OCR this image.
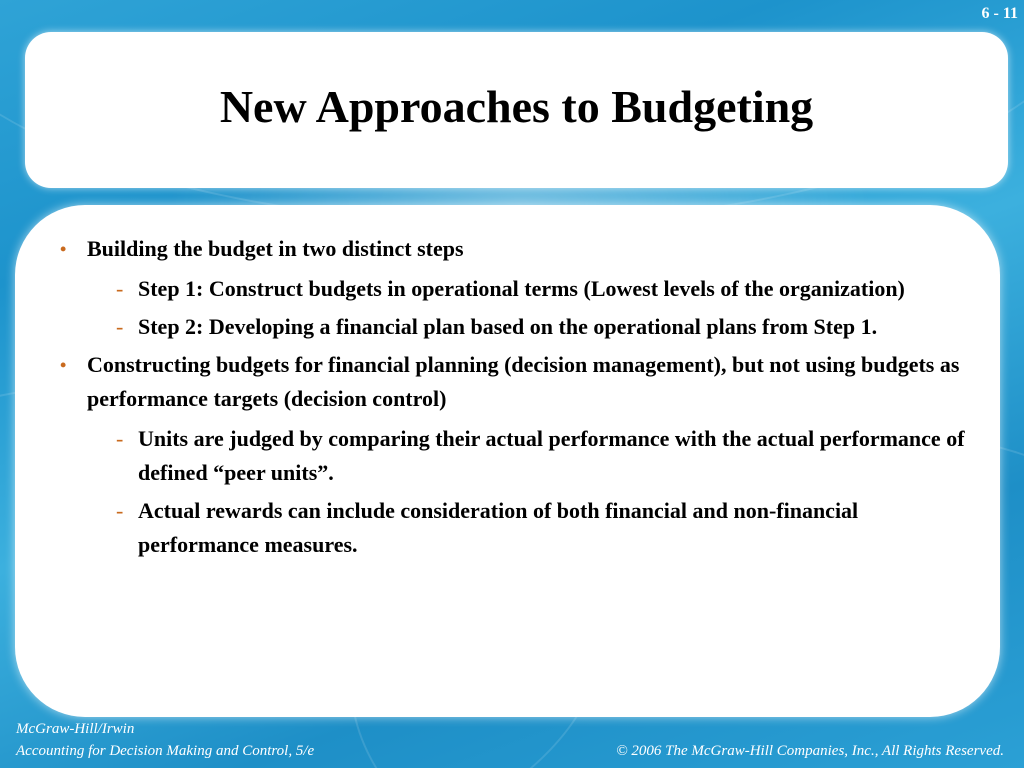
6 - 11
New Approaches to Budgeting
• Building the budget in two distinct steps
- Step 1: Construct budgets in operational terms (Lowest levels of the organization)
- Step 2: Developing a financial plan based on the operational plans from Step 1.
• Constructing budgets for financial planning (decision management), but not using budgets as performance targets (decision control)
- Units are judged by comparing their actual performance with the actual performance of defined “peer units”.
- Actual rewards can include consideration of both financial and non-financial performance measures.
McGraw-Hill/Irwin
Accounting for Decision Making and Control, 5/e	© 2006 The McGraw-Hill Companies, Inc., All Rights Reserved.
